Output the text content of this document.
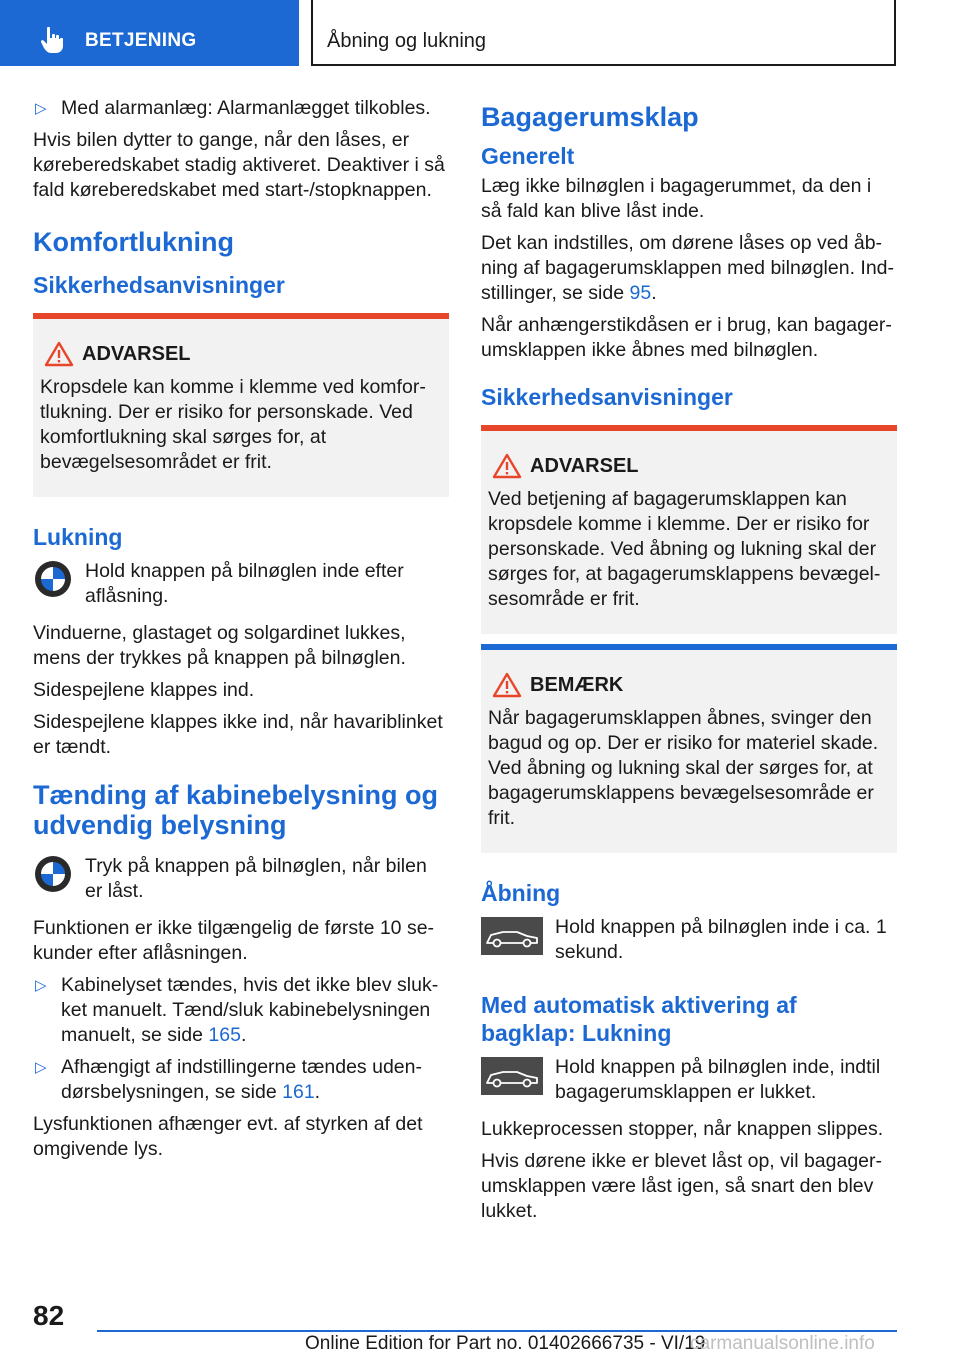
BETJENING	Åbning og lukning
▷ Med alarmanlæg: Alarmanlægget tilkobles.

Hvis bilen dytter to gange, når den låses, er køreberedskabet stadig aktiveret. Deaktiver i så fald køreberedskabet med start-/stopknappen.

Komfortlukning
Sikkerhedsanvisninger
ADVARSEL
Kropsdele kan komme i klemme ved komfortlukning. Der er risiko for personskade. Ved komfortlukning skal sørges for, at bevægelsesområdet er frit.
Lukning
Hold knappen på bilnøglen inde efter aflåsning.

Vinduerne, glastaget og solgardinet lukkes, mens der trykkes på knappen på bilnøglen.

Sidespejlene klappes ind.

Sidespejlene klappes ikke ind, når havariblinket er tændt.

Tænding af kabinebelysning og udvendig belysning
Tryk på knappen på bilnøglen, når bilen er låst.

Funktionen er ikke tilgængelig de første 10 sekunder efter aflåsningen.

▷ Kabinelyset tændes, hvis det ikke blev slukket manuelt. Tænd/sluk kabinebelysningen manuelt, se side 165.
▷ Afhængigt af indstillingerne tændes udendørsbelysningen, se side 161.

Lysfunktionen afhænger evt. af styrken af det omgivende lys.

Bagagerumsklap
Generelt

Læg ikke bilnøglen i bagagerummet, da den i så fald kan blive låst inde.

Det kan indstilles, om dørene låses op ved åbning af bagagerumsklappen med bilnøglen. Indstillinger, se side 95.

Når anhængerstikdåsen er i brug, kan bagagerumsklappen ikke åbnes med bilnøglen.

Sikkerhedsanvisninger
ADVARSEL
Ved betjening af bagagerumsklappen kan kropsdele komme i klemme. Der er risiko for personskade. Ved åbning og lukning skal der sørges for, at bagagerumsklappens bevægelsesområde er frit.
BEMÆRK
Når bagagerumsklappen åbnes, svinger den bagud og op. Der er risiko for materiel skade. Ved åbning og lukning skal der sørges for, at bagagerumsklappens bevægelsesområde er frit.
Åbning
Hold knappen på bilnøglen inde i ca. 1 sekund.
Med automatisk aktivering af bagklap: Lukning
Hold knappen på bilnøglen inde, indtil bagagerumsklappen er lukket.

Lukkeprocessen stopper, når knappen slippes.

Hvis dørene ikke er blevet låst op, vil bagagerumsklappen være låst igen, så snart den blev lukket.

82
Online Edition for Part no. 01402666735 - VI/19
carmanualsonline.info
